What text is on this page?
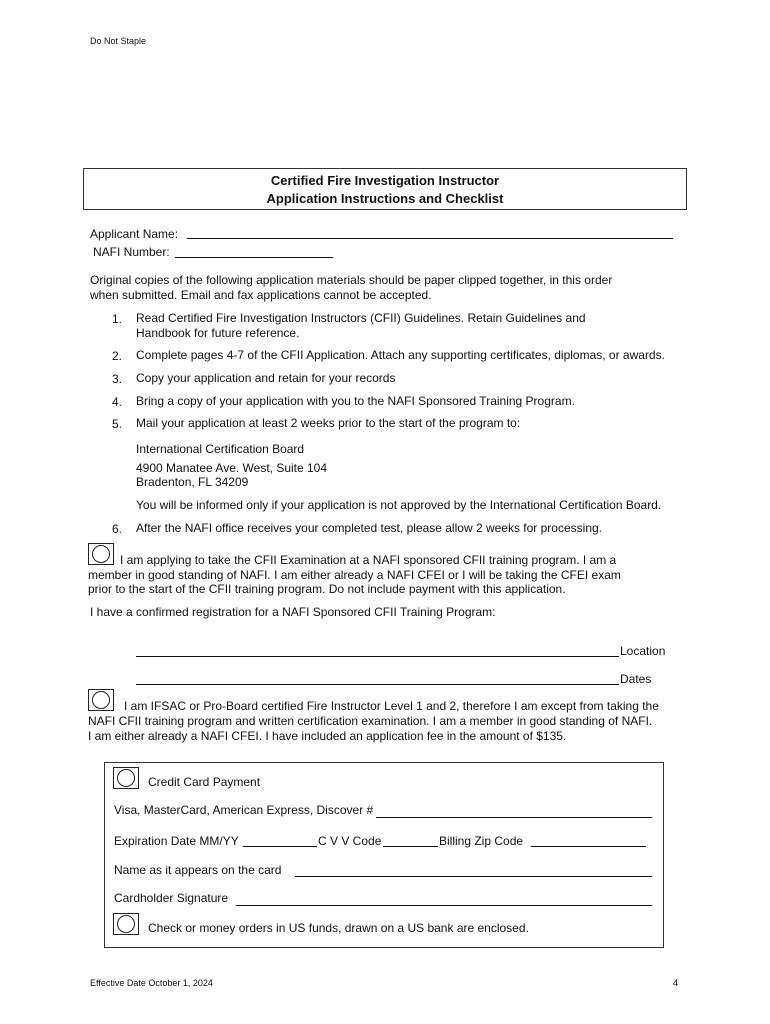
Do Not Staple
Certified Fire Investigation Instructor
Application Instructions and Checklist
Applicant Name:
NAFI Number:
Original copies of the following application materials should be paper clipped together, in this order
when submitted. Email and fax applications cannot be accepted.
1. Read Certified Fire Investigation Instructors (CFII) Guidelines. Retain Guidelines and
Handbook for future reference.
2. Complete pages 4-7 of the CFII Application. Attach any supporting certificates, diplomas, or awards.
3. Copy your application and retain for your records
4. Bring a copy of your application with you to the NAFI Sponsored Training Program.
5. Mail your application at least 2 weeks prior to the start of the program to:
International Certification Board
4900 Manatee Ave. West, Suite 104
Bradenton, FL 34209
You will be informed only if your application is not approved by the International Certification Board.
6. After the NAFI office receives your completed test, please allow 2 weeks for processing.
I am applying to take the CFII Examination at a NAFI sponsored CFII training program. I am a
member in good standing of NAFI. I am either already a NAFI CFEI or I will be taking the CFEI exam
prior to the start of the CFII training program. Do not include payment with this application.
I have a confirmed registration for a NAFI Sponsored CFII Training Program:
Location
Dates
I am IFSAC or Pro-Board certified Fire Instructor Level 1 and 2, therefore I am except from taking the
NAFI CFII training program and written certification examination. I am a member in good standing of NAFI.
I am either already a NAFI CFEI. I have included an application fee in the amount of $135.
Credit Card Payment
Visa, MasterCard, American Express, Discover #
Expiration Date MM/YY	C V V Code	Billing Zip Code
Name as it appears on the card
Cardholder Signature
Check or money orders in US funds, drawn on a US bank are enclosed.
Effective Date October 1, 2024	4
